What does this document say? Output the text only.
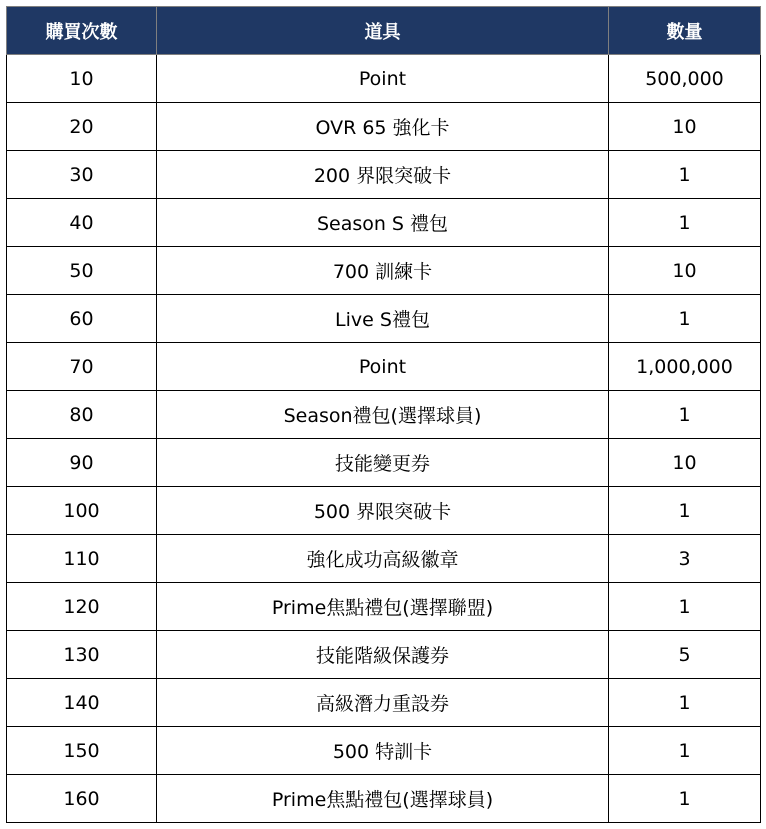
購買次數	道具	數量
10	Point	500,000
20	OVR 65 強化卡	10
30	200 界限突破卡	1
40	Season S 禮包	1
50	700 訓練卡	10
60	Live S禮包	1
70	Point	1,000,000
80	Season禮包(選擇球員)	1
90	技能變更券	10
100	500 界限突破卡	1
110	強化成功高級徽章	3
120	Prime焦點禮包(選擇聯盟)	1
130	技能階級保護券	5
140	高級潛力重設券	1
150	500 特訓卡	1
160	Prime焦點禮包(選擇球員)	1
